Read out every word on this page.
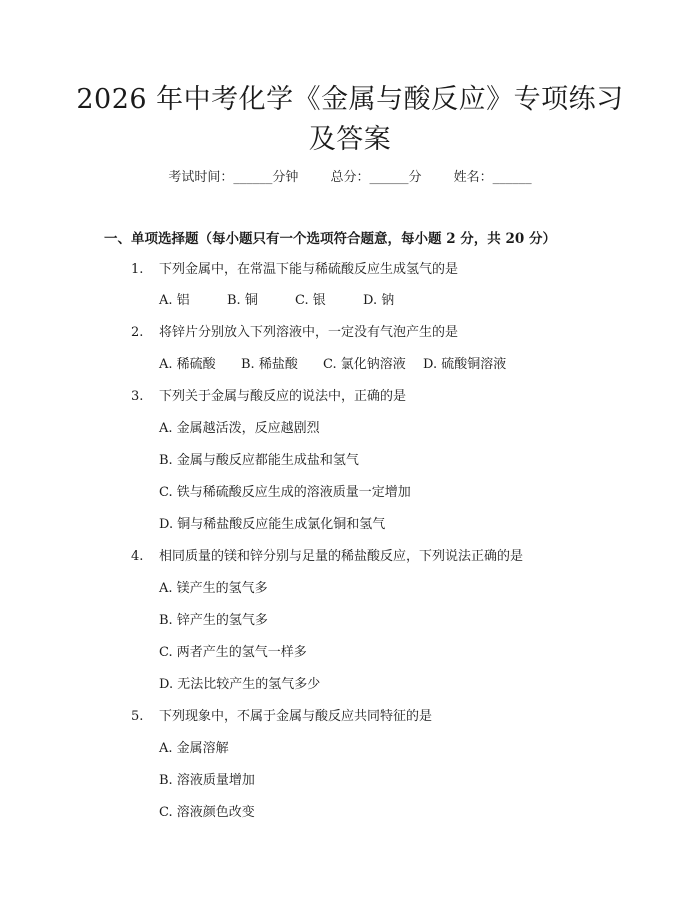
2026 年中考化学《金属与酸反应》专项练习
及答案
考试时间：______分钟 总分：______分 姓名：______
一、单项选择题（每小题只有一个选项符合题意，每小题 2 分，共 20 分）
1. 下列金属中，在常温下能与稀硫酸反应生成氢气的是
A. 铝	B. 铜	C. 银	D. 钠
2. 将锌片分别放入下列溶液中，一定没有气泡产生的是
A. 稀硫酸 B. 稀盐酸 C. 氯化钠溶液 D. 硫酸铜溶液
3. 下列关于金属与酸反应的说法中，正确的是
A. 金属越活泼，反应越剧烈
B. 金属与酸反应都能生成盐和氢气
C. 铁与稀硫酸反应生成的溶液质量一定增加
D. 铜与稀盐酸反应能生成氯化铜和氢气
4. 相同质量的镁和锌分别与足量的稀盐酸反应，下列说法正确的是
A. 镁产生的氢气多
B. 锌产生的氢气多
C. 两者产生的氢气一样多
D. 无法比较产生的氢气多少
5. 下列现象中，不属于金属与酸反应共同特征的是
A. 金属溶解
B. 溶液质量增加
C. 溶液颜色改变
